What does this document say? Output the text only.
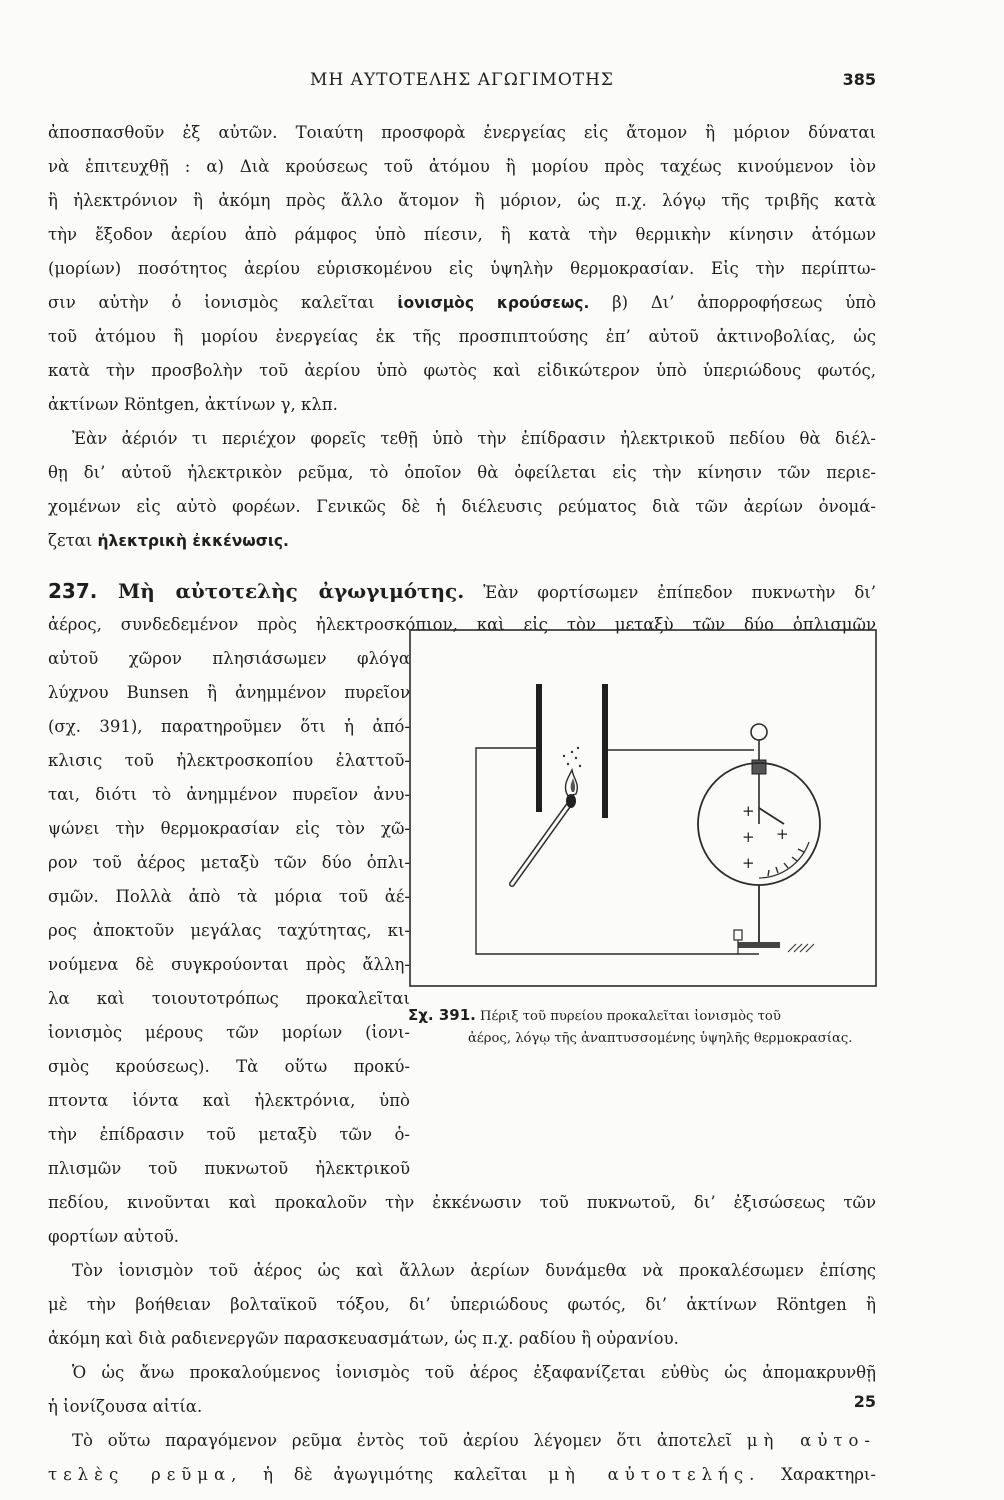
ΜΗ ΑΥΤΟΤΕΛΗΣ ΑΓΩΓΙΜΟΤΗΣ	385
ἀποσπασθοῦν ἐξ αὐτῶν. Τοιαύτη προσφορὰ ἐνεργείας εἰς ἄτομον ἢ μόριον δύναται
νὰ ἐπιτευχθῇ : α) Διὰ κρούσεως τοῦ ἀτόμου ἢ μορίου πρὸς ταχέως κινούμενον ἰὸν
ἢ ἠλεκτρόνιον ἢ ἀκόμη πρὸς ἄλλο ἄτομον ἢ μόριον, ὡς π.χ. λόγῳ τῆς τριβῆς κατὰ
τὴν ἔξοδον ἀερίου ἀπὸ ράμφος ὑπὸ πίεσιν, ἢ κατὰ τὴν θερμικὴν κίνησιν ἀτόμων
(μορίων) ποσότητος ἀερίου εὑρισκομένου εἰς ὑψηλὴν θερμοκρασίαν. Εἰς τὴν περίπτω-
σιν αὐτὴν ὁ ἰονισμὸς καλεῖται ἰονισμὸς κρούσεως. β) Δι’ ἀπορροφήσεως ὑπὸ
τοῦ ἀτόμου ἢ μορίου ἐνεργείας ἐκ τῆς προσπιπτούσης ἐπ’ αὐτοῦ ἀκτινοβολίας, ὡς
κατὰ τὴν προσβολὴν τοῦ ἀερίου ὑπὸ φωτὸς καὶ εἰδικώτερον ὑπὸ ὑπεριώδους φωτός,
ἀκτίνων Röntgen, ἀκτίνων γ, κλπ.
Ἐὰν ἀέριόν τι περιέχον φορεῖς τεθῇ ὑπὸ τὴν ἐπίδρασιν ἠλεκτρικοῦ πεδίου θὰ διέλ-
θῃ δι’ αὐτοῦ ἠλεκτρικὸν ρεῦμα, τὸ ὁποῖον θὰ ὀφείλεται εἰς τὴν κίνησιν τῶν περιε-
χομένων εἰς αὐτὸ φορέων. Γενικῶς δὲ ἡ διέλευσις ρεύματος διὰ τῶν ἀερίων ὀνομά-
ζεται ἠλεκτρικὴ ἐκκένωσις.
237. Μὴ αὐτοτελὴς ἀγωγιμότης. Ἐὰν φορτίσωμεν ἐπίπεδον πυκνωτὴν δι’
ἀέρος, συνδεδεμένον πρὸς ἠλεκτροσκόπιον, καὶ εἰς τὸν μεταξὺ τῶν δύο ὁπλισμῶν
αὐτοῦ χῶρον πλησιάσωμεν φλόγα
λύχνου Bunsen ἢ ἀνημμένον πυρεῖον
(σχ. 391), παρατηροῦμεν ὅτι ἡ ἀπό-
κλισις τοῦ ἠλεκτροσκοπίου ἐλαττοῦ-
ται, διότι τὸ ἀνημμένον πυρεῖον ἀνυ-
ψώνει τὴν θερμοκρασίαν εἰς τὸν χῶ-
ρον τοῦ ἀέρος μεταξὺ τῶν δύο ὁπλι-
σμῶν. Πολλὰ ἀπὸ τὰ μόρια τοῦ ἀέ-
ρος ἀποκτοῦν μεγάλας ταχύτητας, κι-
νούμενα δὲ συγκρούονται πρὸς ἄλλη-
λα καὶ τοιουτοτρόπως προκαλεῖται
ἰονισμὸς μέρους τῶν μορίων (ἰονι-
σμὸς κρούσεως). Τὰ οὕτω προκύ-
πτοντα ἰόντα καὶ ἠλεκτρόνια, ὑπὸ
τὴν ἐπίδρασιν τοῦ μεταξὺ τῶν ὁ-
πλισμῶν τοῦ πυκνωτοῦ ἠλεκτρικοῦ
πεδίου, κινοῦνται καὶ προκαλοῦν τὴν ἐκκένωσιν τοῦ πυκνωτοῦ, δι’ ἐξισώσεως τῶν
φορτίων αὐτοῦ.
Τὸν ἰονισμὸν τοῦ ἀέρος ὡς καὶ ἄλλων ἀερίων δυνάμεθα νὰ προκαλέσωμεν ἐπίσης
μὲ τὴν βοήθειαν βολταϊκοῦ τόξου, δι’ ὑπεριώδους φωτός, δι’ ἀκτίνων Röntgen ἢ
ἀκόμη καὶ διὰ ραδιενεργῶν παρασκευασμάτων, ὡς π.χ. ραδίου ἢ οὐρανίου.
Ὁ ὡς ἄνω προκαλούμενος ἰονισμὸς τοῦ ἀέρος ἐξαφανίζεται εὐθὺς ὡς ἀπομακρυνθῇ
ἡ ἰονίζουσα αἰτία.
Τὸ οὕτω παραγόμενον ρεῦμα ἐντὸς τοῦ ἀερίου λέγομεν ὅτι ἀποτελεῖ μὴ αὐτο-
τελὲς ρεῦμα, ἡ δὲ ἀγωγιμότης καλεῖται μὴ αὐτοτελής. Χαρακτηρι-
+
+
+
+
Σχ. 391. Πέριξ τοῦ πυρείου προκαλεῖται ἰονισμὸς τοῦ
ἀέρος, λόγῳ τῆς ἀναπτυσσομένης ὑψηλῆς θερμοκρασίας.
25
